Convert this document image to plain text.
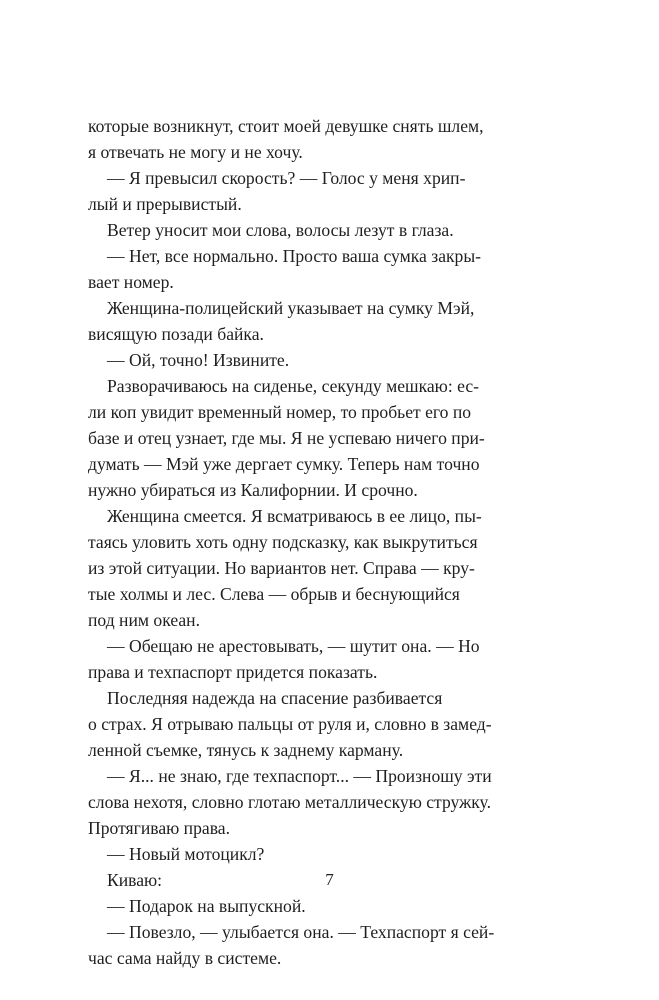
которые возникнут, стоит моей девушке снять шлем,
я отвечать не могу и не хочу.
— Я превысил скорость? — Голос у меня хрип-
лый и прерывистый.
Ветер уносит мои слова, волосы лезут в глаза.
— Нет, все нормально. Просто ваша сумка закры-
вает номер.
Женщина-полицейский указывает на сумку Мэй,
висящую позади байка.
— Ой, точно! Извините.
Разворачиваюсь на сиденье, секунду мешкаю: ес-
ли коп увидит временный номер, то пробьет его по
базе и отец узнает, где мы. Я не успеваю ничего при-
думать — Мэй уже дергает сумку. Теперь нам точно
нужно убираться из Калифорнии. И срочно.
Женщина смеется. Я всматриваюсь в ее лицо, пы-
таясь уловить хоть одну подсказку, как выкрутиться
из этой ситуации. Но вариантов нет. Справа — кру-
тые холмы и лес. Слева — обрыв и беснующийся
под ним океан.
— Обещаю не арестовывать, — шутит она. — Но
права и техпаспорт придется показать.
Последняя надежда на спасение разбивается
о страх. Я отрываю пальцы от руля и, словно в замед-
ленной съемке, тянусь к заднему карману.
— Я... не знаю, где техпаспорт... — Произношу эти
слова нехотя, словно глотаю металлическую стружку.
Протягиваю права.
— Новый мотоцикл?
Киваю:
— Подарок на выпускной.
— Повезло, — улыбается она. — Техпаспорт я сей-
час сама найду в системе.
7
